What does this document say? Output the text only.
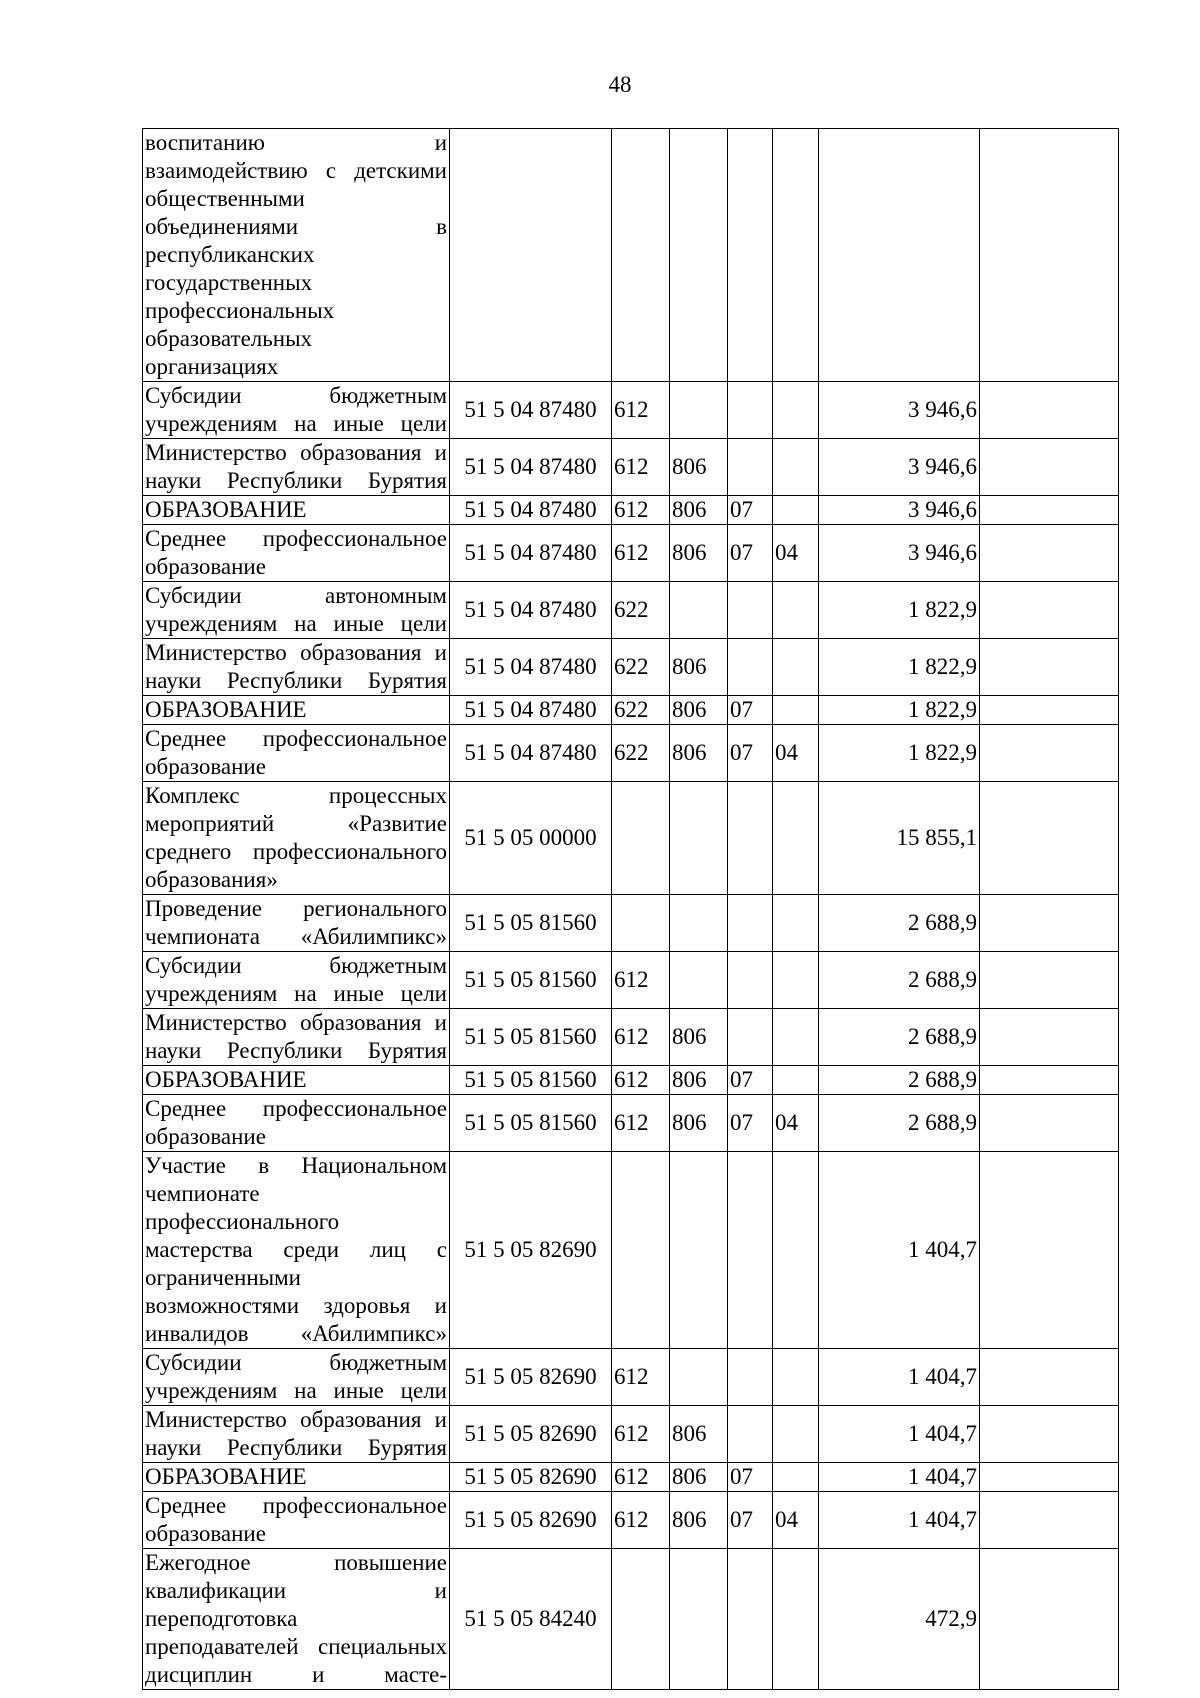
48
воспитанию и взаимодействию с детскими общественными объединениями в республиканских государственных профессиональных образовательных организациях							
Субсидии бюджетным учреждениям на иные цели	51 5 04 87480	612				3 946,6	
Министерство образования и науки Республики Бурятия	51 5 04 87480	612	806			3 946,6	
ОБРАЗОВАНИЕ	51 5 04 87480	612	806	07		3 946,6	
Среднее профессиональное образование	51 5 04 87480	612	806	07	04	3 946,6	
Субсидии автономным учреждениям на иные цели	51 5 04 87480	622				1 822,9	
Министерство образования и науки Республики Бурятия	51 5 04 87480	622	806			1 822,9	
ОБРАЗОВАНИЕ	51 5 04 87480	622	806	07		1 822,9	
Среднее профессиональное образование	51 5 04 87480	622	806	07	04	1 822,9	
Комплекс процессных мероприятий «Развитие среднего профессионального образования»	51 5 05 00000					15 855,1	
Проведение регионального чемпионата «Абилимпикс»	51 5 05 81560					2 688,9	
Субсидии бюджетным учреждениям на иные цели	51 5 05 81560	612				2 688,9	
Министерство образования и науки Республики Бурятия	51 5 05 81560	612	806			2 688,9	
ОБРАЗОВАНИЕ	51 5 05 81560	612	806	07		2 688,9	
Среднее профессиональное образование	51 5 05 81560	612	806	07	04	2 688,9	
Участие в Национальном чемпионате профессионального мастерства среди лиц с ограниченными возможностями здоровья и инвалидов «Абилимпикс»	51 5 05 82690					1 404,7	
Субсидии бюджетным учреждениям на иные цели	51 5 05 82690	612				1 404,7	
Министерство образования и науки Республики Бурятия	51 5 05 82690	612	806			1 404,7	
ОБРАЗОВАНИЕ	51 5 05 82690	612	806	07		1 404,7	
Среднее профессиональное образование	51 5 05 82690	612	806	07	04	1 404,7	
Ежегодное повышение квалификации и переподготовка преподавателей специальных дисциплин и масте-	51 5 05 84240					472,9	
